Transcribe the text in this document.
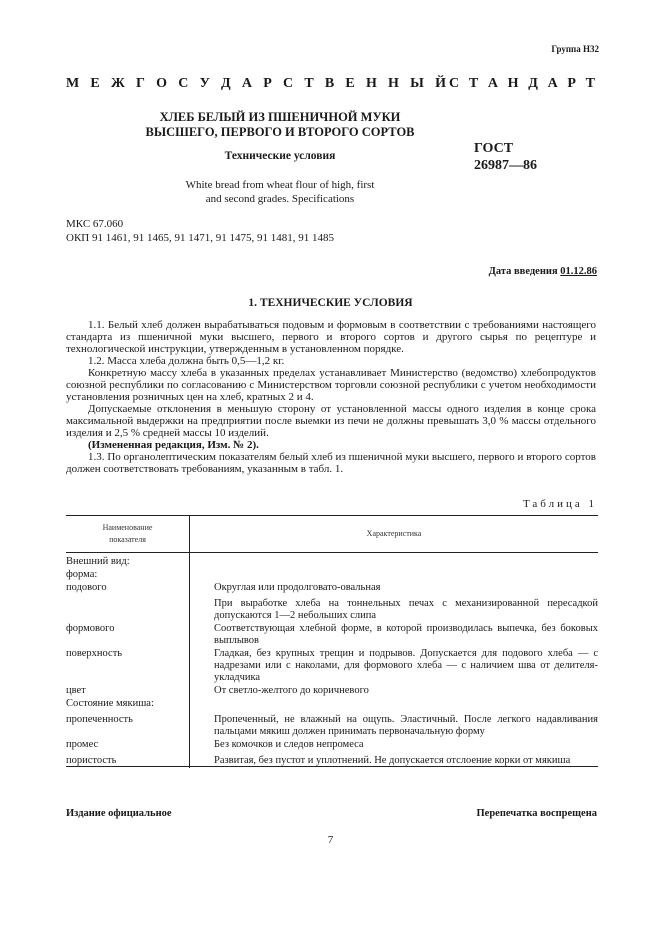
Группа Н32
М Е Ж Г О С У Д А Р С Т В Е Н Н Ы Й С Т А Н Д А Р Т
ХЛЕБ БЕЛЫЙ ИЗ ПШЕНИЧНОЙ МУКИ
ВЫСШЕГО, ПЕРВОГО И ВТОРОГО СОРТОВ
Технические условия
White bread from wheat flour of high, first
and second grades. Specifications
ГОСТ
26987—86
МКС 67.060
ОКП 91 1461, 91 1465, 91 1471, 91 1475, 91 1481, 91 1485
Дата введения 01.12.86
1. ТЕХНИЧЕСКИЕ УСЛОВИЯ

1.1. Белый хлеб должен вырабатываться подовым и формовым в соответствии с требованиями настоящего стандарта из пшеничной муки высшего, первого и второго сортов и другого сырья по рецептуре и технологической инструкции, утвержденным в установленном порядке.

1.2. Масса хлеба должна быть 0,5—1,2 кг.

Конкретную массу хлеба в указанных пределах устанавливает Министерство (ведомство) хлебопродуктов союзной республики по согласованию с Министерством торговли союзной республики с учетом необходимости установления розничных цен на хлеб, кратных 2 и 4.

Допускаемые отклонения в меньшую сторону от установленной массы одного изделия в конце срока максимальной выдержки на предприятии после выемки из печи не должны превышать 3,0 % массы отдельного изделия и 2,5 % средней массы 10 изделий.

(Измененная редакция, Изм. № 2).

1.3. По органолептическим показателям белый хлеб из пшеничной муки высшего, первого и второго сортов должен соответствовать требованиям, указанным в табл. 1.

Таблица 1
Наименование
показателя	Характеристика
Внешний вид:	
форма:	
подового	Округлая или продолговато-овальная
	При выработке хлеба на тоннельных печах с механизированной пересадкой допускаются 1—2 небольших слипа
формового	Соответствующая хлебной форме, в которой производилась выпечка, без боковых выплывов
поверхность	Гладкая, без крупных трещин и подрывов. Допускается для подового хлеба — с надрезами или с наколами, для формового хлеба — с наличием шва от делителя-укладчика
цвет	От светло-желтого до коричневого
Состояние мякиша:	
пропеченность	Пропеченный, не влажный на ощупь. Эластичный. После легкого надавливания пальцами мякиш должен принимать первоначальную форму
промес	Без комочков и следов непромеса
пористость	Развитая, без пустот и уплотнений. Не допускается отслоение корки от мякиша
Издание официальное	Перепечатка воспрещена
7
